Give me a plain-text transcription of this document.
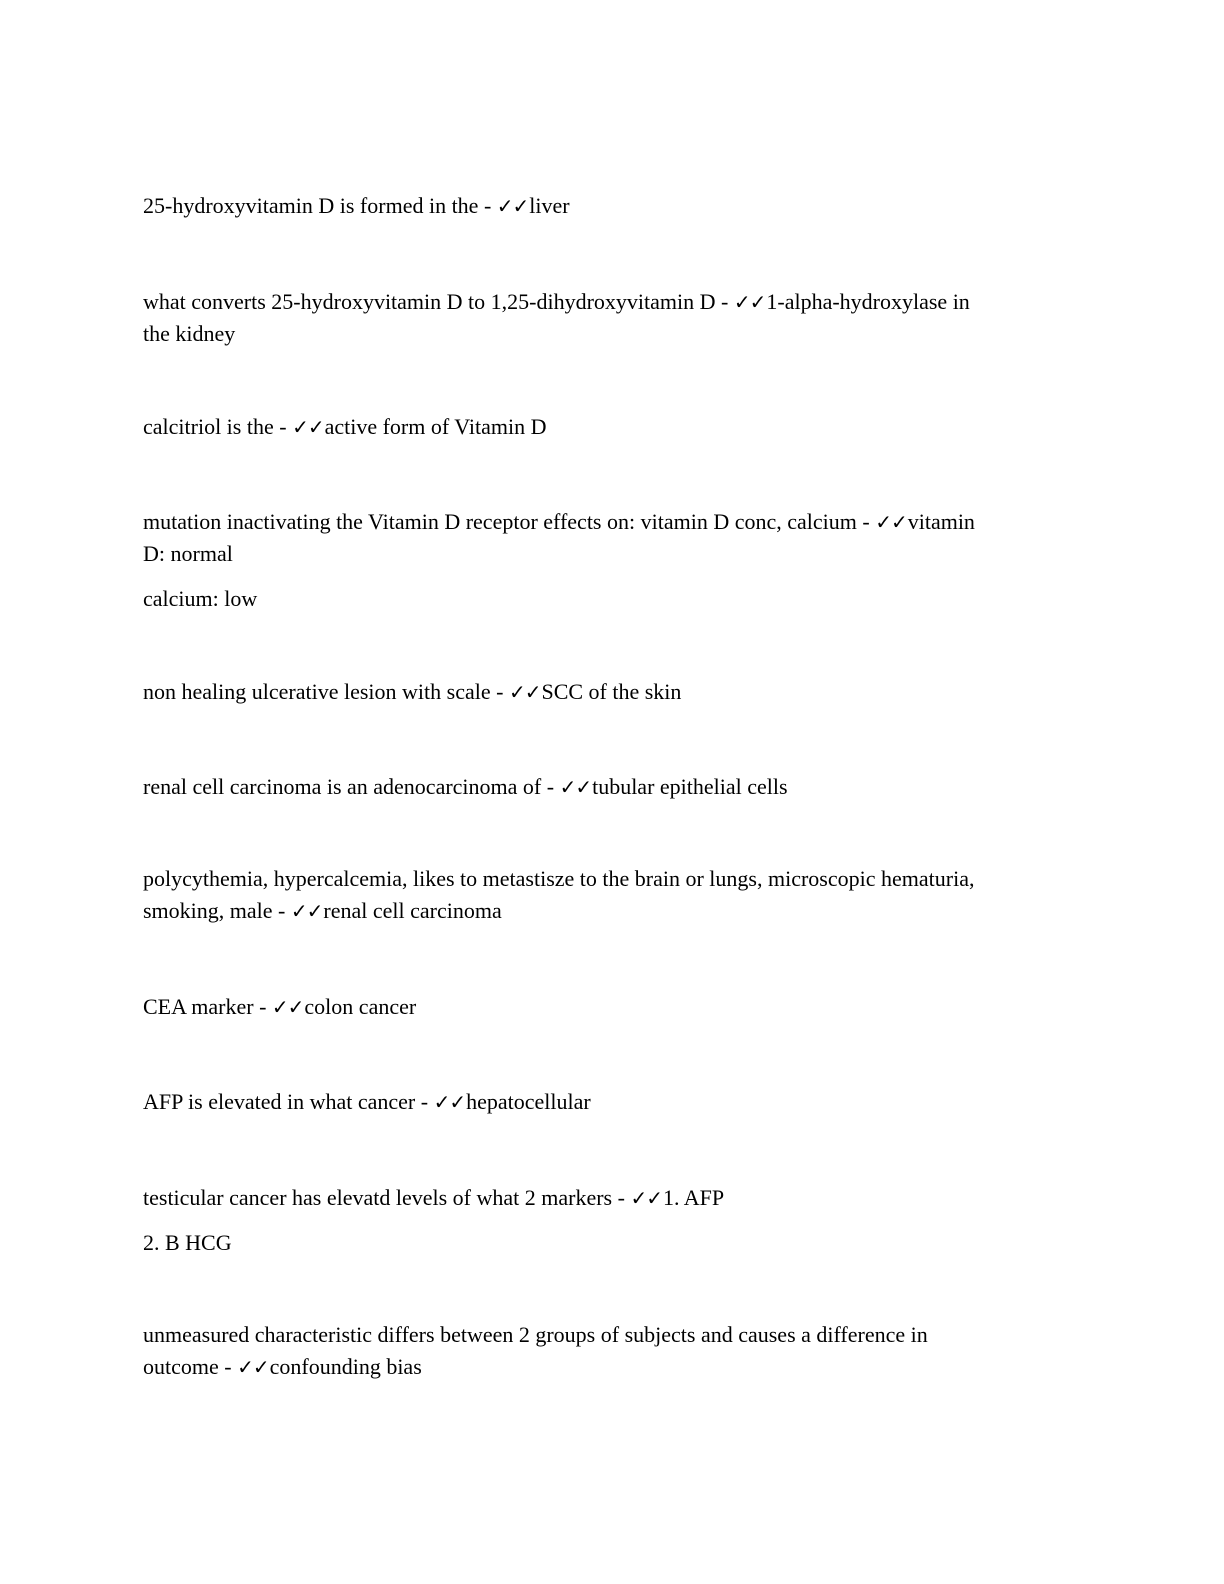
25-hydroxyvitamin D is formed in the - ✓✓liver
what converts 25-hydroxyvitamin D to 1,25-dihydroxyvitamin D - ✓✓1-alpha-hydroxylase in
the kidney
calcitriol is the - ✓✓active form of Vitamin D
mutation inactivating the Vitamin D receptor effects on: vitamin D conc, calcium - ✓✓vitamin
D: normal
calcium: low
non healing ulcerative lesion with scale - ✓✓SCC of the skin
renal cell carcinoma is an adenocarcinoma of - ✓✓tubular epithelial cells
polycythemia, hypercalcemia, likes to metastisze to the brain or lungs, microscopic hematuria,
smoking, male - ✓✓renal cell carcinoma
CEA marker - ✓✓colon cancer
AFP is elevated in what cancer - ✓✓hepatocellular
testicular cancer has elevatd levels of what 2 markers - ✓✓1. AFP
2. B HCG
unmeasured characteristic differs between 2 groups of subjects and causes a difference in
outcome - ✓✓confounding bias
